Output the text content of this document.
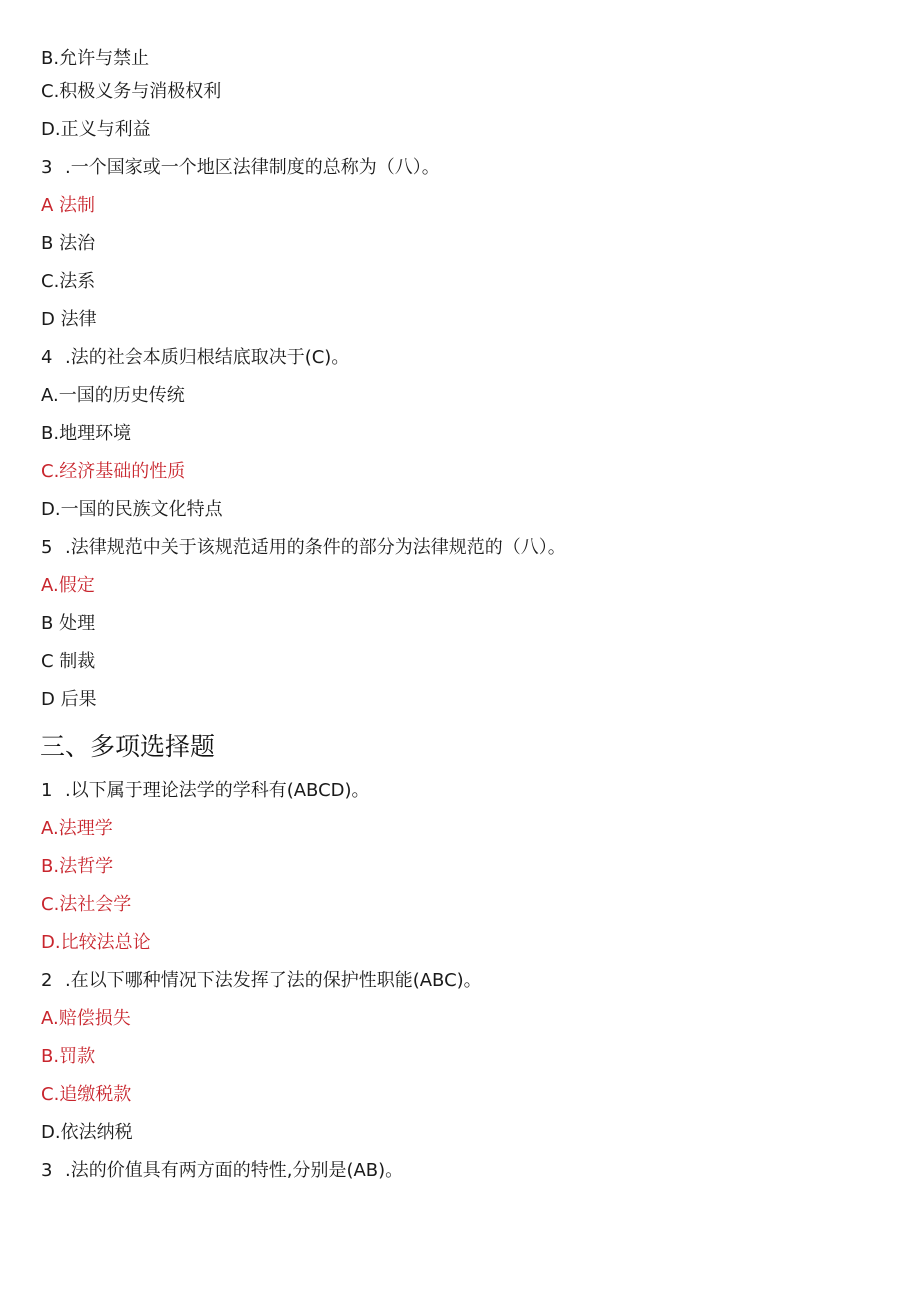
B.允许与禁止
C.积极义务与消极权利
D.正义与利益
3 .一个国家或一个地区法律制度的总称为（八）。
A 法制
B 法治
C.法系
D 法律
4 .法的社会本质归根结底取决于(C)。
A.一国的历史传统
B.地理环境
C.经济基础的性质
D.一国的民族文化特点
5 .法律规范中关于该规范适用的条件的部分为法律规范的（八）。
A.假定
B 处理
C 制裁
D 后果
三、多项选择题
1 .以下属于理论法学的学科有(ABCD)。
A.法理学
B.法哲学
C.法社会学
D.比较法总论
2 .在以下哪种情况下法发挥了法的保护性职能(ABC)。
A.赔偿损失
B.罚款
C.追缴税款
D.依法纳税
3 .法的价值具有两方面的特性,分别是(AB)。
